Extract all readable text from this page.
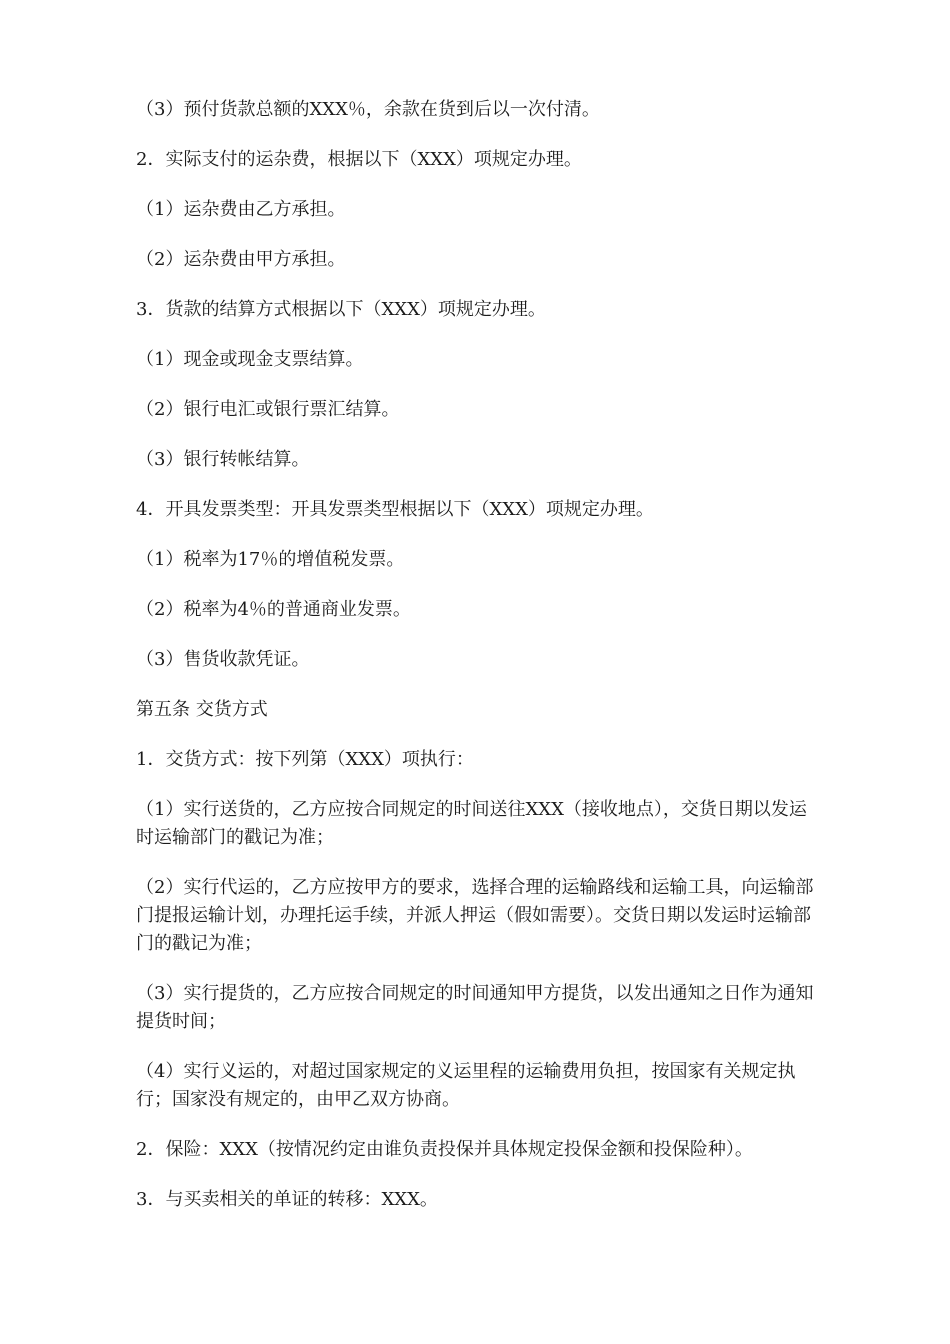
（3）预付货款总额的XXX％，余款在货到后以一次付清。

2．实际支付的运杂费，根据以下（XXX）项规定办理。

（1）运杂费由乙方承担。

（2）运杂费由甲方承担。

3．货款的结算方式根据以下（XXX）项规定办理。

（1）现金或现金支票结算。

（2）银行电汇或银行票汇结算。

（3）银行转帐结算。

4．开具发票类型：开具发票类型根据以下（XXX）项规定办理。

（1）税率为17％的增值税发票。

（2）税率为4％的普通商业发票。

（3）售货收款凭证。

第五条 交货方式

1．交货方式：按下列第（XXX）项执行：

（1）实行送货的，乙方应按合同规定的时间送往XXX（接收地点），交货日期以发运时运输部门的戳记为准；

（2）实行代运的，乙方应按甲方的要求，选择合理的运输路线和运输工具，向运输部门提报运输计划，办理托运手续，并派人押运（假如需要）。交货日期以发运时运输部门的戳记为准；

（3）实行提货的，乙方应按合同规定的时间通知甲方提货，以发出通知之日作为通知提货时间；

（4）实行义运的，对超过国家规定的义运里程的运输费用负担，按国家有关规定执行；国家没有规定的，由甲乙双方协商。

2．保险：XXX（按情况约定由谁负责投保并具体规定投保金额和投保险种）。

3．与买卖相关的单证的转移：XXX。
